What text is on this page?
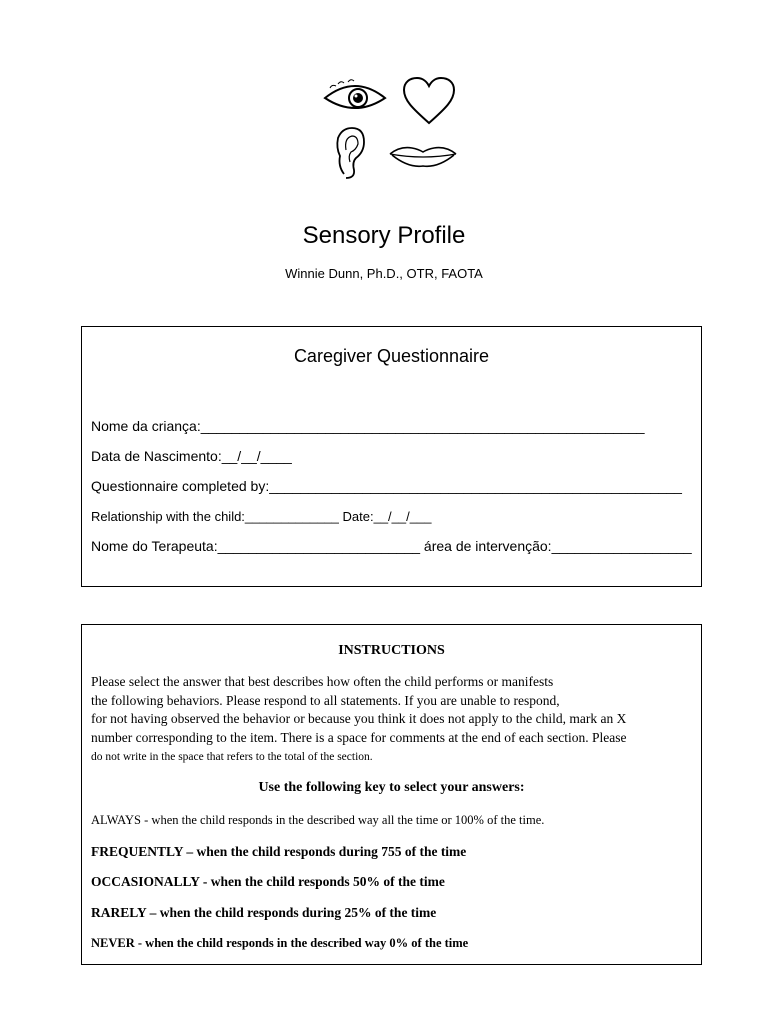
Sensory Profile
Winnie Dunn, Ph.D., OTR, FAOTA
Caregiver Questionnaire
Nome da criança:_________________________________________________________
Data de Nascimento:__/__/____
Questionnaire completed by:_____________________________________________________
Relationship with the child:_____________ Date:__/__/___
Nome do Terapeuta:__________________________ área de intervenção:__________________
INSTRUCTIONS
Please select the answer that best describes how often the child performs or manifests
the following behaviors. Please respond to all statements. If you are unable to respond,
for not having observed the behavior or because you think it does not apply to the child, mark an X
number corresponding to the item. There is a space for comments at the end of each section. Please
do not write in the space that refers to the total of the section.
Use the following key to select your answers:
ALWAYS - when the child responds in the described way all the time or 100% of the time.
FREQUENTLY – when the child responds during 755 of the time
OCCASIONALLY - when the child responds 50% of the time
RARELY – when the child responds during 25% of the time
NEVER - when the child responds in the described way 0% of the time
